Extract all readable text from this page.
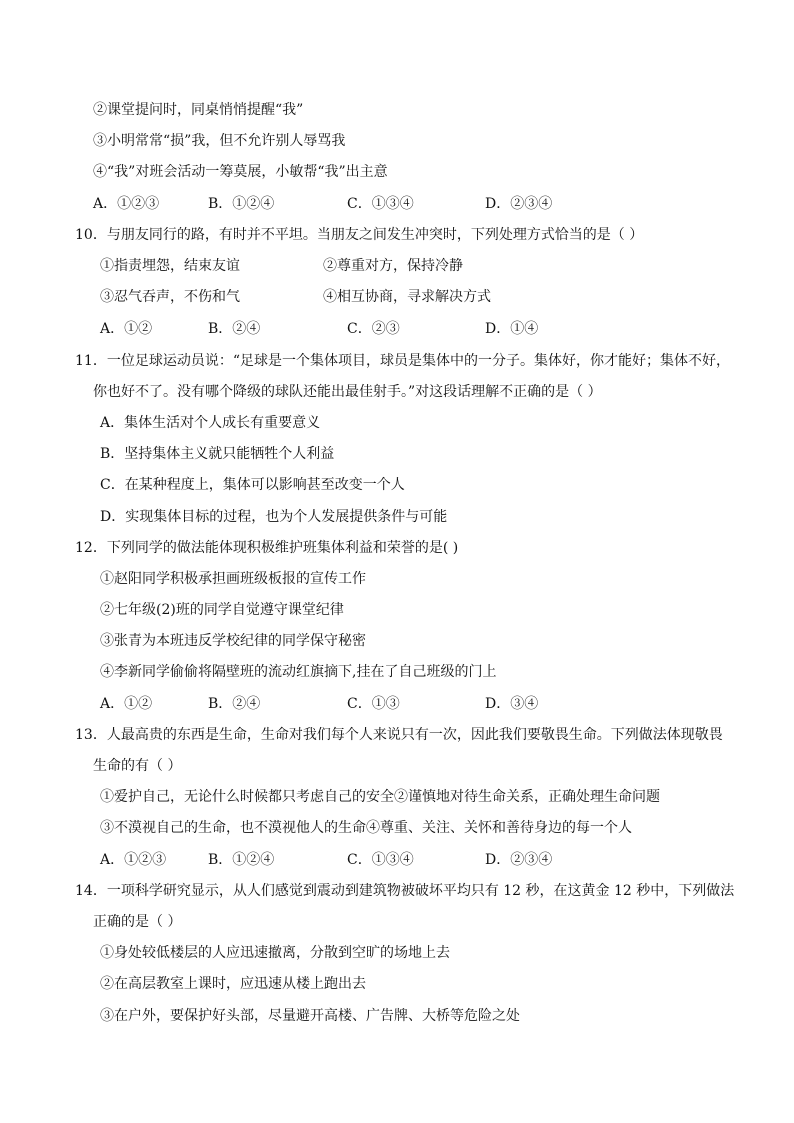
②课堂提问时，同桌悄悄提醒“我”
③小明常常“损”我，但不允许别人辱骂我
④“我”对班会活动一筹莫展，小敏帮“我”出主意
A．①②③	B．①②④	C．①③④	D．②③④
10．与朋友同行的路，有时并不平坦。当朋友之间发生冲突时，下列处理方式恰当的是（ ）
①指责埋怨，结束友谊	②尊重对方，保持冷静
③忍气吞声，不伤和气	④相互协商，寻求解决方式
A．①②	B．②④	C．②③	D．①④
11．一位足球运动员说：“足球是一个集体项目，球员是集体中的一分子。集体好，你才能好；集体不好，
你也好不了。没有哪个降级的球队还能出最佳射手。”对这段话理解不正确的是（ ）
A．集体生活对个人成长有重要意义
B．坚持集体主义就只能牺牲个人利益
C．在某种程度上，集体可以影响甚至改变一个人
D．实现集体目标的过程，也为个人发展提供条件与可能
12．下列同学的做法能体现积极维护班集体利益和荣誉的是( )
①赵阳同学积极承担画班级板报的宣传工作
②七年级(2)班的同学自觉遵守课堂纪律
③张青为本班违反学校纪律的同学保守秘密
④李新同学偷偷将隔壁班的流动红旗摘下,挂在了自己班级的门上
A．①②	B．②④	C．①③	D．③④
13．人最高贵的东西是生命，生命对我们每个人来说只有一次，因此我们要敬畏生命。下列做法体现敬畏
生命的有（ ）
①爱护自己，无论什么时候都只考虑自己的安全②谨慎地对待生命关系，正确处理生命问题
③不漠视自己的生命，也不漠视他人的生命④尊重、关注、关怀和善待身边的每一个人
A．①②③	B．①②④	C．①③④	D．②③④
14．一项科学研究显示，从人们感觉到震动到建筑物被破坏平均只有 12 秒，在这黄金 12 秒中，下列做法
正确的是（ ）
①身处较低楼层的人应迅速撤离，分散到空旷的场地上去
②在高层教室上课时，应迅速从楼上跑出去
③在户外，要保护好头部，尽量避开高楼、广告牌、大桥等危险之处
